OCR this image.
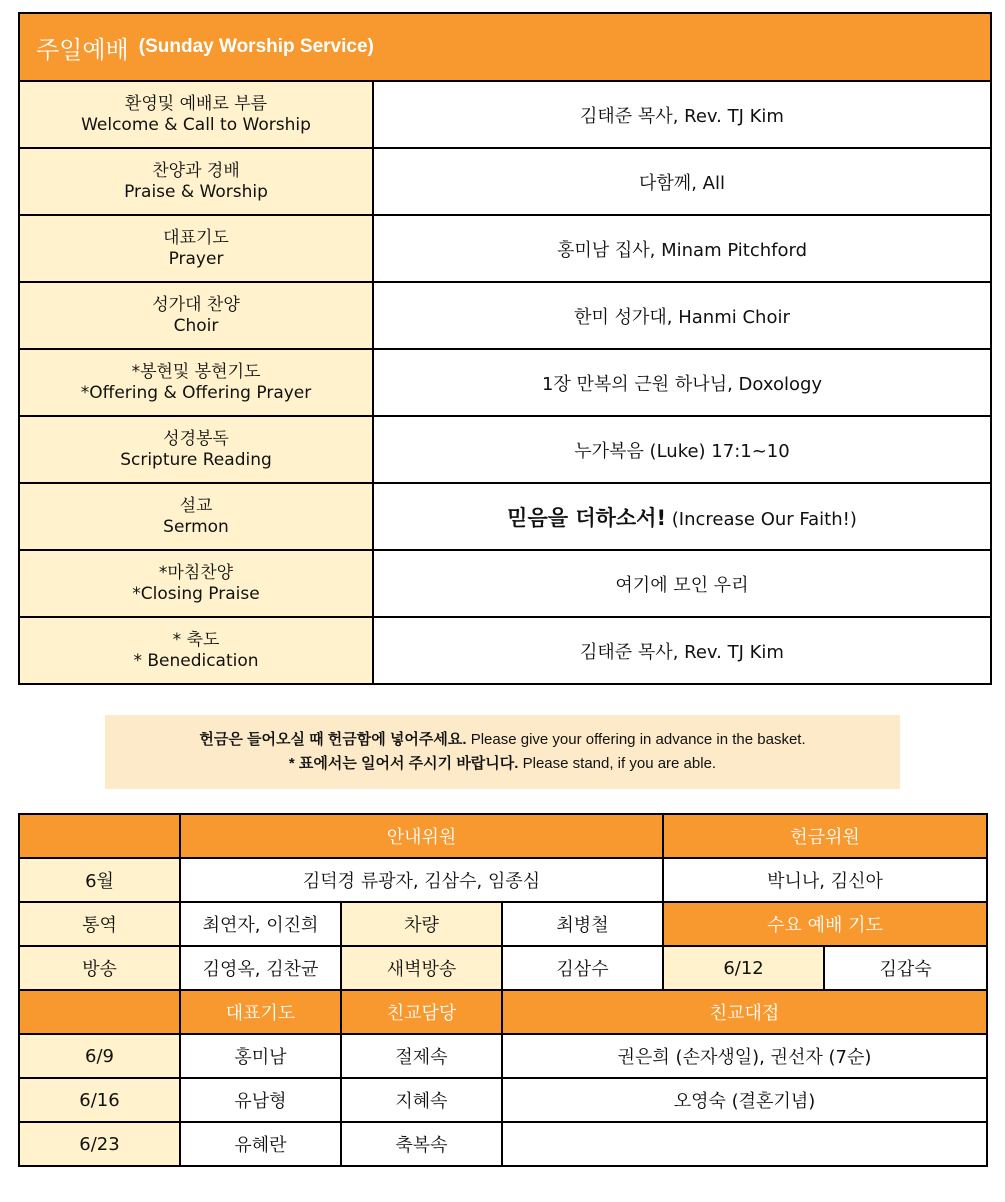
주일예배 (Sunday Worship Service)	

환영및 예배로 부름
Welcome & Call to Worship	김태준 목사, Rev. TJ Kim

찬양과 경배
Praise & Worship	다함께, All

대표기도
Prayer	홍미남 집사, Minam Pitchford

성가대 찬양
Choir	한미 성가대, Hanmi Choir

*봉현및 봉현기도
*Offering & Offering Prayer	1장 만복의 근원 하나님, Doxology

성경봉독
Scripture Reading	누가복음 (Luke) 17:1~10

설교
Sermon	믿음을 더하소서! (Increase Our Faith!)

*마침찬양
*Closing Praise	여기에 모인 우리

* 축도
* Benedication	김태준 목사, Rev. TJ Kim
헌금은 들어오실 때 헌금함에 넣어주세요. Please give your offering in advance in the basket.
* 표에서는 일어서 주시기 바랍니다. Please stand, if you are able.
	안내위원			헌금위원	
6월	김덕경 류광자, 김삼수, 임종심			박니나, 김신아	
통역	최연자, 이진희	차량	최병철	수요 예배 기도	
방송	김영옥, 김찬균	새벽방송	김삼수	6/12	김갑숙
	대표기도	친교담당	친교대접		
6/9	홍미남	절제속	권은희 (손자생일), 권선자 (7순)		
6/16	유남형	지혜속	오영숙 (결혼기념)		
6/23	유혜란	축복속			
